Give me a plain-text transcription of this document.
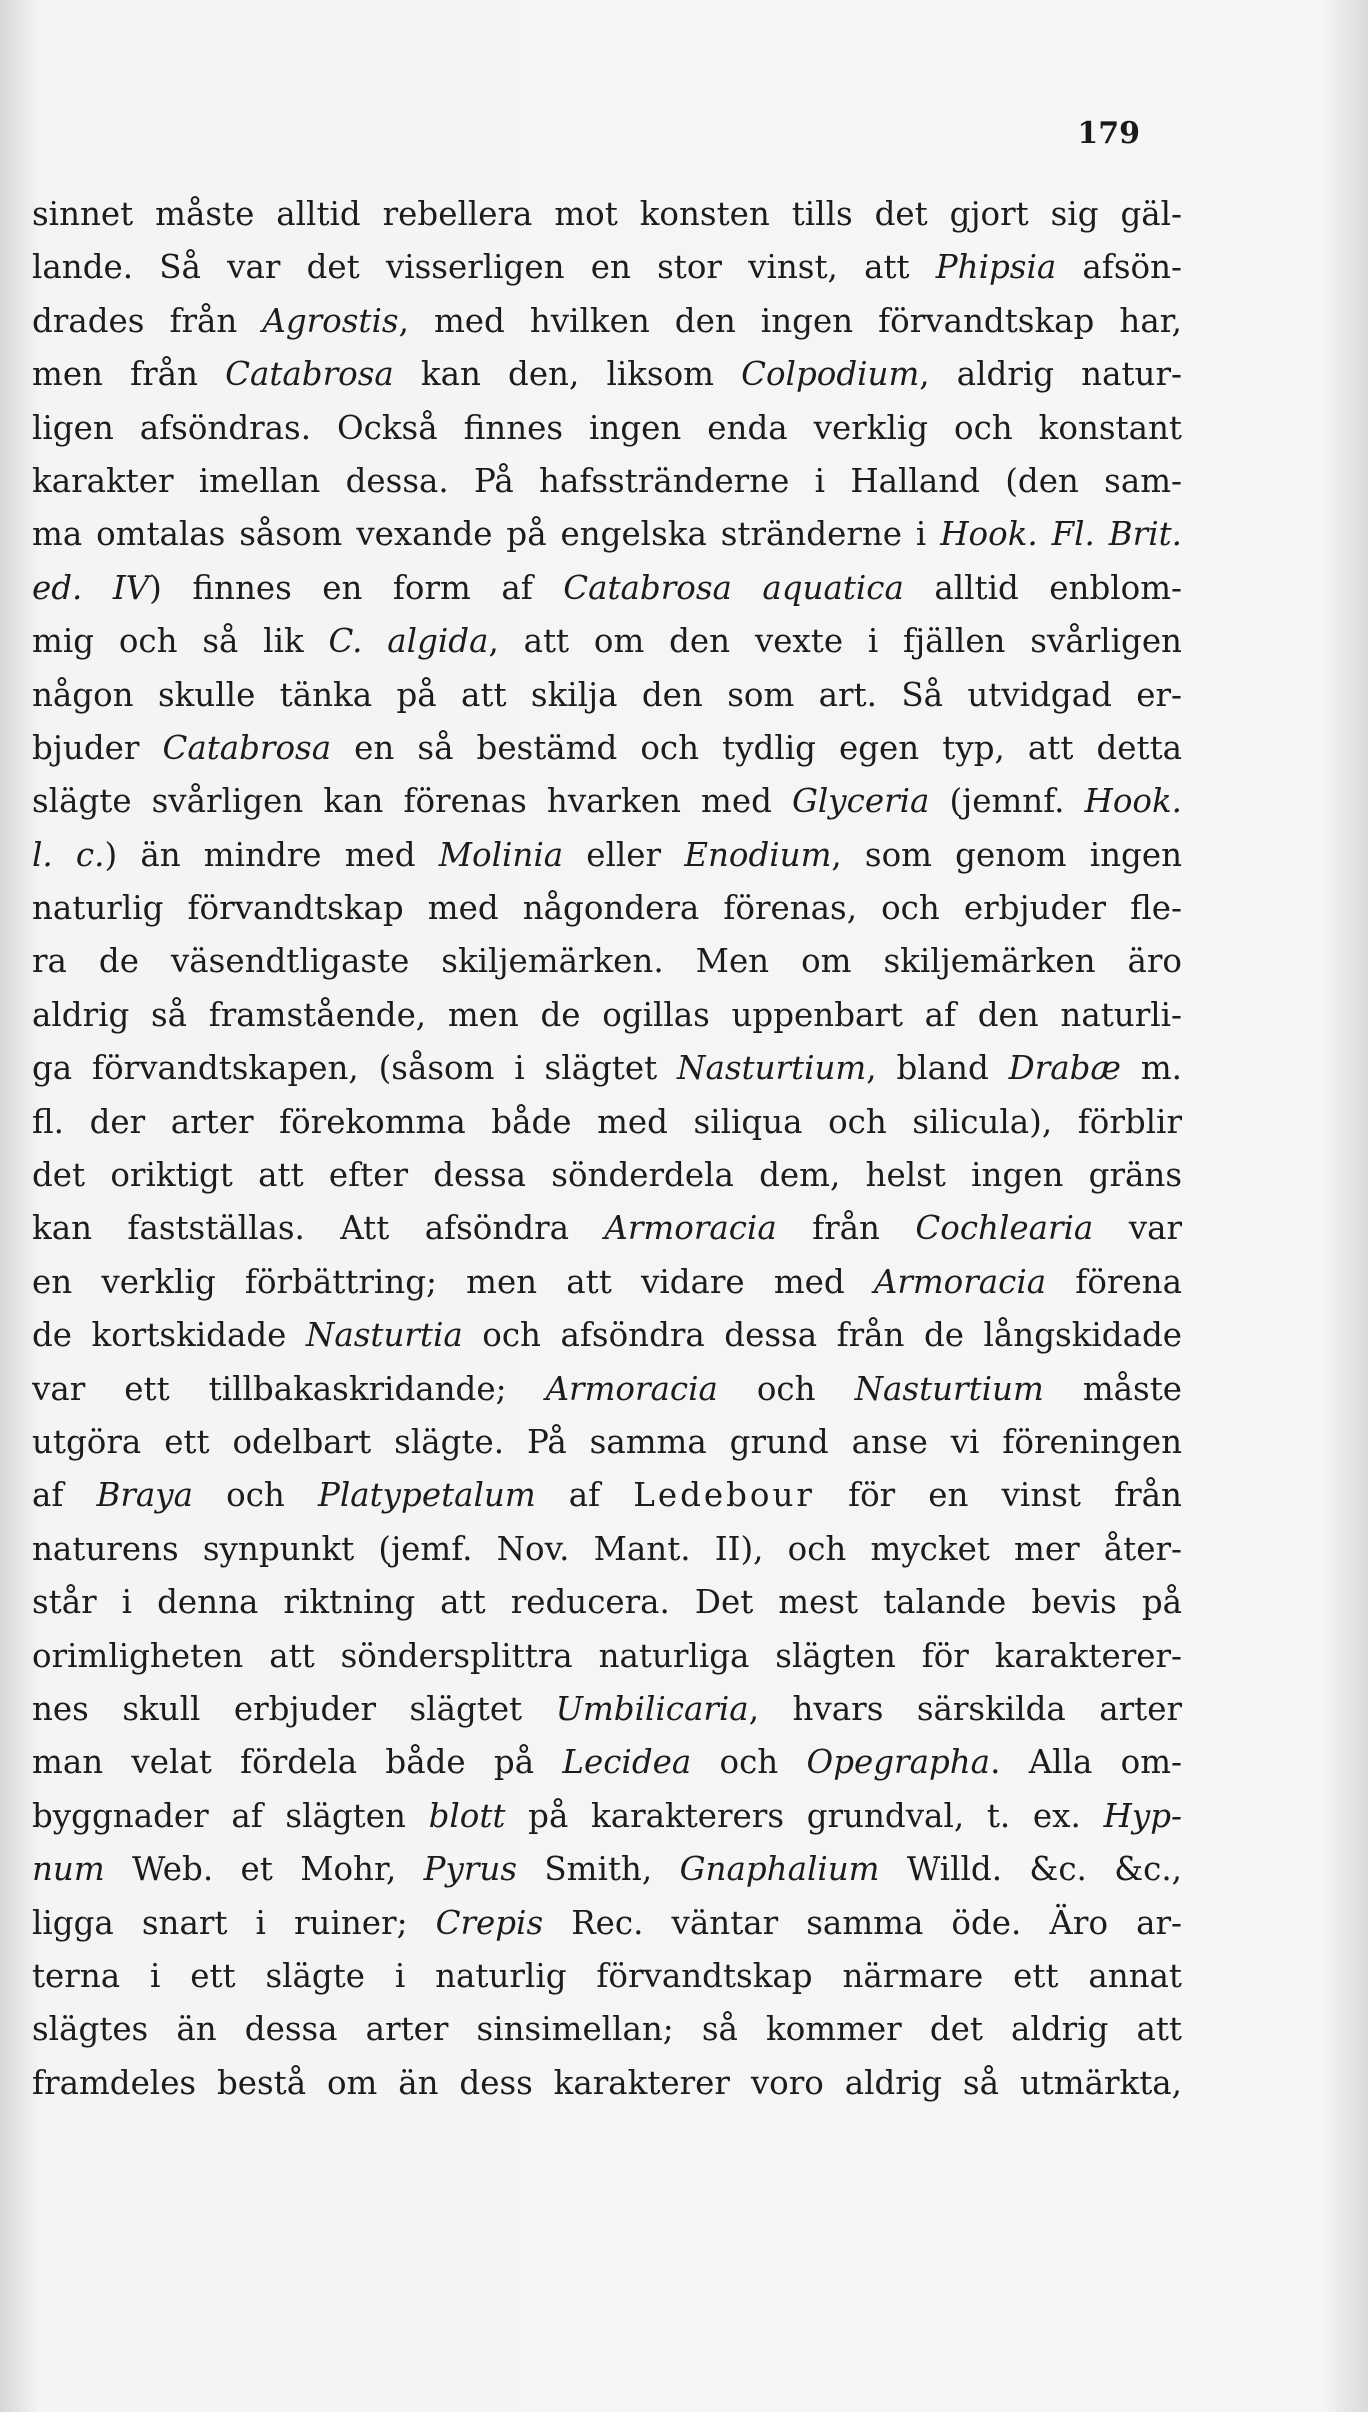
179
sinnet måste alltid rebellera mot konsten tills det gjort sig gäl-
lande. Så var det visserligen en stor vinst, att Phipsia afsön-
drades från Agrostis, med hvilken den ingen förvandtskap har,
men från Catabrosa kan den, liksom Colpodium, aldrig natur-
ligen afsöndras. Också finnes ingen enda verklig och konstant
karakter imellan dessa. På hafsstränderne i Halland (den sam-
ma omtalas såsom vexande på engelska stränderne i Hook. Fl. Brit.
ed. IV) finnes en form af Catabrosa aquatica alltid enblom-
mig och så lik C. algida, att om den vexte i fjällen svårligen
någon skulle tänka på att skilja den som art. Så utvidgad er-
bjuder Catabrosa en så bestämd och tydlig egen typ, att detta
slägte svårligen kan förenas hvarken med Glyceria (jemnf. Hook.
l. c.) än mindre med Molinia eller Enodium, som genom ingen
naturlig förvandtskap med någondera förenas, och erbjuder fle-
ra de väsendtligaste skiljemärken. Men om skiljemärken äro
aldrig så framstående, men de ogillas uppenbart af den naturli-
ga förvandtskapen, (såsom i slägtet Nasturtium, bland Drabæ m.
fl. der arter förekomma både med siliqua och silicula), förblir
det oriktigt att efter dessa sönderdela dem, helst ingen gräns
kan fastställas. Att afsöndra Armoracia från Cochlearia var
en verklig förbättring; men att vidare med Armoracia förena
de kortskidade Nasturtia och afsöndra dessa från de långskidade
var ett tillbakaskridande; Armoracia och Nasturtium måste
utgöra ett odelbart slägte. På samma grund anse vi föreningen
af Braya och Platypetalum af Ledebour för en vinst från
naturens synpunkt (jemf. Nov. Mant. II), och mycket mer åter-
står i denna riktning att reducera. Det mest talande bevis på
orimligheten att söndersplittra naturliga slägten för karakterer-
nes skull erbjuder slägtet Umbilicaria, hvars särskilda arter
man velat fördela både på Lecidea och Opegrapha. Alla om-
byggnader af slägten blott på karakterers grundval, t. ex. Hyp-
num Web. et Mohr, Pyrus Smith, Gnaphalium Willd. &c. &c.,
ligga snart i ruiner; Crepis Rec. väntar samma öde. Äro ar-
terna i ett slägte i naturlig förvandtskap närmare ett annat
slägtes än dessa arter sinsimellan; så kommer det aldrig att
framdeles bestå om än dess karakterer voro aldrig så utmärkta,
